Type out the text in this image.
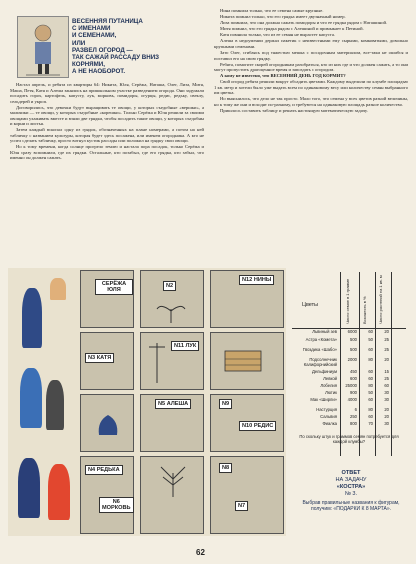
ВЕСЕННЯЯ ПУТАНИЦА
С ИМЕНАМИ
И СЕМЕНАМИ,
ИЛИ
РАЗВЕЛ ОГОРОД —
ТАК САЖАЙ РАССАДУ ВНИЗ
КОРНЯМИ,
А НЕ НАОБОРОТ.

Настал апрель, и ребята из квартиры 64: Никита, Юля, Серёжа, Наташа, Олег, Лиза, Митя, Маша, Петя, Катя и Алеша занялись на пришкольном участке разведением огорода. Они задумали посадить горох, картофель, капусту, лук, морковь, помидоры, огурцы, редис, редьку, свеклу, сельдерей и укроп.

Договорились, что девочки будут выращивать те овощи, у которых съедобные «вершки», а мальчики — те овощи, у которых съедобные «корешки». Только Серёжа и Юля решили за своими овощами ухаживать вместе и взяли две грядки, чтобы посадить такие овощи, у которых съедобны и корни и листья.

Затем каждый вскопал одну из грядок, обозначенных на плане номерами, а потом на ней табличку с названием культуры, которая будет здесь посажена, или именем огородника. А кто не успел сделать табличку, просто вотнул кустик рассады или положил на грядку свои овощи.

Но к тому времени, когда солнце прогрело землю и настала пора посадок, только Серёжа и Юля сразу вспомнили, где их грядки. Остальные, кто позабыл, где его грядка, кто забыл, что именно он должен сажать.

Нина помнила только, что ее семена самые крупные.

Никита помнил только, что его грядка имеет двузначный номер.

Лиза помнила, что она должна сажать помидоры и что ее грядка рядом с Наташиной.

Митя помнил, что его грядка рядом с Алешиной и примыкает к Петиной.

Катя помнила только, что из ее семян не вырастет капуста.

Алеша в недоумении держал пакетик с неизвестными ему сырыми, комковатыми, довольно крупными семенами.

Зато Олег, сгибаясь под тяжестью мешка с посадочным материалом, все-таки не ошибся и поставил его на свою грядку.

Ребята, помогите скорей огородникам разобраться, кто из них где и что должен сажать, а то они могут пропустить драгоценное время и запоздать с огородом.

А кому не известно, что ВЕСЕННИЙ ДЕНЬ ГОД КОРМИТ?

Свой огород ребята решили вокруг обсадить цветами. Каждому выделили по клумбе площадью 1 кв. метр и хотели было уже выдать всем по одинаковому весу или количеству семян выбранного им цветка.

Но выяснилось, что дело не так просто. Мало того, что семена у всех цветов разной величины, но к тому же они и всходят по-разному, и требуются на одинаковую площадь разное количество.

Пришлось составить таблицу и решать настоящую математическую задачу.

СЕРЁЖА ЮЛЯ
N2
N12 НИНЫ
N3 КАТЯ
N11 ЛУК
N5 АЛЕША	N9
N10 РЕДИС
N4 РЕДЬКА
N6 МОРКОВЬ
N8
N7
Цветы	Число семян в 1 грамме	Всхожесть в %	Число растений на 1 кв. м
Львиный зев	6000	60	20
Астра «Комета»	500	50	25
Гвоздика «Шабо»	500	60	25
Подсолнечник Калифорнийский
2000	80	20
Дельфиниум	450	60	15
Левкой	600	60	25
Лобелия	25000	80	60
Лютик	900	50	30
Мак «Ширли»	4000	60	30
Настурция	6	80	20
Сальвия	250	60	20
Фиалка	800	70	30
По скольку штук и граммов семян потребуется для каждой клумбы?
ОТВЕТ
НА ЗАДАЧУ
«КОСТРА»
№ 3.
Выбрав правильные названия к фигурам, получим: «ПОДАРКИ К 8 МАРТА».
62
